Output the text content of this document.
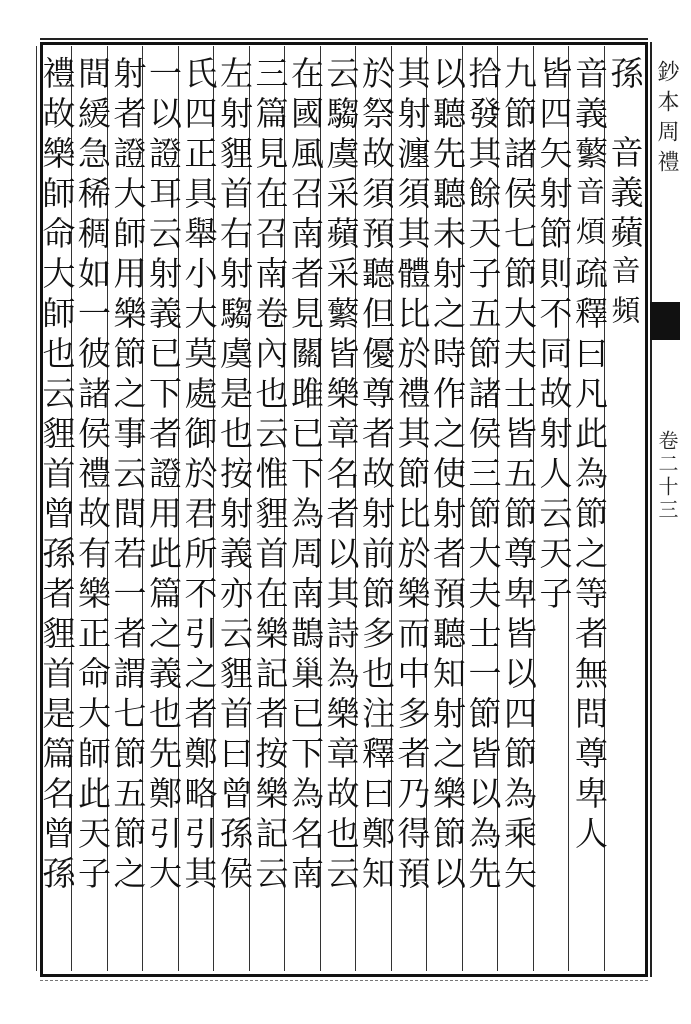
鈔本周禮
卷二十三
孫音義蘋音頻
音義蘩音煩疏釋曰凡此為節之等者無問尊卑人
皆四矢射節則不同故射人云天子
九節諸侯七節大夫士皆五節尊卑皆以四節為乘矢
拾發其餘天子五節諸侯三節大夫士一節皆以為先
以聽先聽未射之時作之使射者預聽知射之樂節以
其射瀍須其體比於禮其節比於樂而中多者乃得預
於祭故須預聽但優尊者故射前節多也注釋曰鄭知
云騶虞采蘋采蘩皆樂章名者以其詩為樂章故也云
在國風召南者見關雎已下為周南鵲巢已下為名南
三篇見在召南卷內也云惟貍首在樂記者按樂記云
左射貍首右射騶虞是也按射義亦云貍首曰曾孫侯
氏四正具舉小大莫處御於君所不引之者鄭略引其
一以證耳云射義已下者證用此篇之義也先鄭引大
射者證大師用樂節之事云間若一者謂七節五節之
間緩急稀稠如一彼諸侯禮故有樂正命大師此天子
禮故樂師命大師也云貍首曾孫者貍首是篇名曾孫
